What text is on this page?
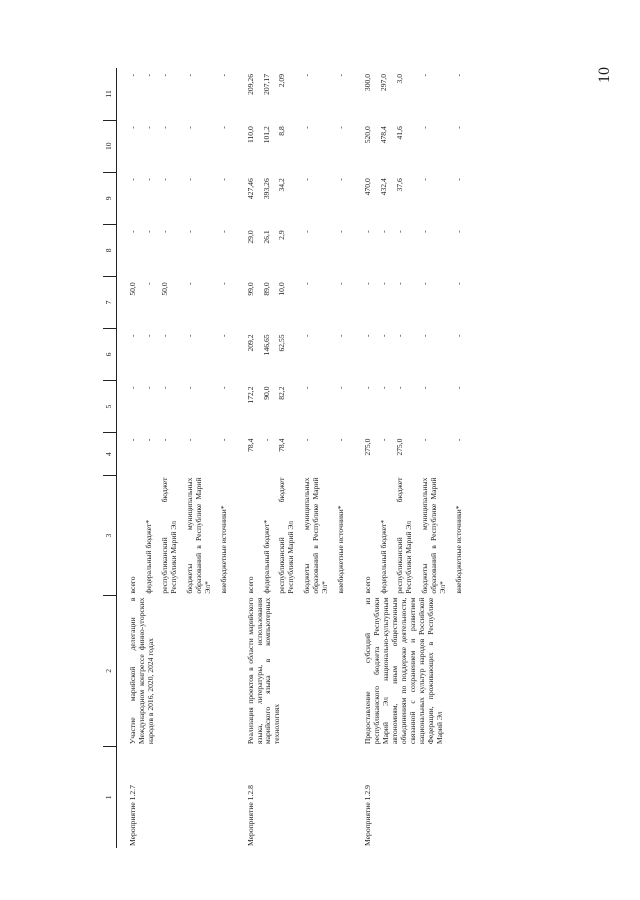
10
1	2	3	4	5	6	7	8	9	10	11
Мероприятие 1.2.7	Участие марийской делегации в Международном конгрессе финно-угорских народов в 2016, 2020, 2024 годах	всего	-	-	-	50,0	-	-	-	-
		федеральный бюджет*	-	-	-	-	-	-	-	-
		республиканский бюджет Республики Марий Эл	-	-	-	50,0	-	-	-	-
		бюджеты муниципальных образований в Республике Марий Эл*	-	-	-	-	-	-	-	-
		внебюджетные источники*	-	-	-	-	-	-	-	-
Мероприятие 1.2.8	Реализация проектов в области марийского языка, литературы, использования марийского языка в компьютерных технологиях	всего	78,4	172,2	209,2	99,0	29,0	427,46	110,0	209,26
		федеральный бюджет*	-	90,0	146,65	89,0	26,1	393,26	101,2	207,17
		республиканский бюджет Республики Марий Эл	78,4	82,2	62,55	10,0	2,9	34,2	8,8	2,09
		бюджеты муниципальных образований в Республике Марий Эл*	-	-	-	-	-	-	-	-
		внебюджетные источники*	-	-	-	-	-	-	-	-
Мероприятие 1.2.9	Предоставление субсидий из республиканского бюджета Республики Марий Эл национально-культурным автономиям, иным общественным объединениям по поддержке деятельности, связанной с сохранением и развитием национальных культур народов Российской Федерации, проживающих в Республике Марий Эл	всего	275,0	-	-	-	-	470,0	520,0	300,0
		федеральный бюджет*	-	-	-	-	-	432,4	478,4	297,0
		республиканский бюджет Республики Марий Эл	275,0	-	-	-	-	37,6	41,6	3,0
		бюджеты муниципальных образований в Республике Марий Эл*	-	-	-	-	-	-	-	-
		внебюджетные источники*	-	-	-	-	-	-	-	-
